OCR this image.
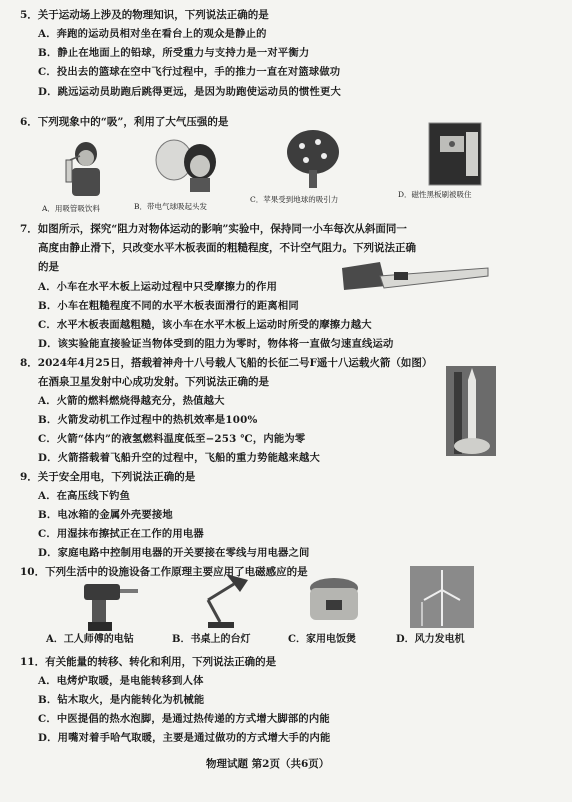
5．关于运动场上涉及的物理知识，下列说法正确的是
A．奔跑的运动员相对坐在看台上的观众是静止的
B．静止在地面上的铅球，所受重力与支持力是一对平衡力
C．投出去的篮球在空中飞行过程中，手的推力一直在对篮球做功
D．跳远运动员助跑后跳得更远，是因为助跑使运动员的惯性更大
6．下列现象中的“吸”，利用了大气压强的是
A．用吸管吸饮料	B．带电气球吸起头发
C．苹果受到地球的吸引力
D．磁性黑板刷被吸住
7．如图所示，探究“阻力对物体运动的影响”实验中，保持同一小车每次从斜面同一
高度由静止滑下，只改变水平木板表面的粗糙程度，不计空气阻力。下列说法正确
的是
A．小车在水平木板上运动过程中只受摩擦力的作用
B．小车在粗糙程度不同的水平木板表面滑行的距离相同
C．水平木板表面越粗糙，该小车在水平木板上运动时所受的摩擦力越大
D．该实验能直接验证当物体受到的阻力为零时，物体将一直做匀速直线运动
8．2024年4月25日，搭载着神舟十八号载人飞船的长征二号F遥十八运载火箭（如图）
在酒泉卫星发射中心成功发射。下列说法正确的是
A．火箭的燃料燃烧得越充分，热值越大
B．火箭发动机工作过程中的热机效率是100%
C．火箭“体内”的液氢燃料温度低至−253 ℃，内能为零
D．火箭搭载着飞船升空的过程中，飞船的重力势能越来越大
9．关于安全用电，下列说法正确的是
A．在高压线下钓鱼
B．电冰箱的金属外壳要接地
C．用湿抹布擦拭正在工作的用电器
D．家庭电路中控制用电器的开关要接在零线与用电器之间
10．下列生活中的设施设备工作原理主要应用了电磁感应的是
A．工人师傅的电钻	B．书桌上的台灯	C．家用电饭煲	D．风力发电机
11．有关能量的转移、转化和利用，下列说法正确的是
A．电烤炉取暖，是电能转移到人体
B．钻木取火，是内能转化为机械能
C．中医提倡的热水泡脚，是通过热传递的方式增大脚部的内能
D．用嘴对着手哈气取暖，主要是通过做功的方式增大手的内能
物理试题 第2页（共6页）
